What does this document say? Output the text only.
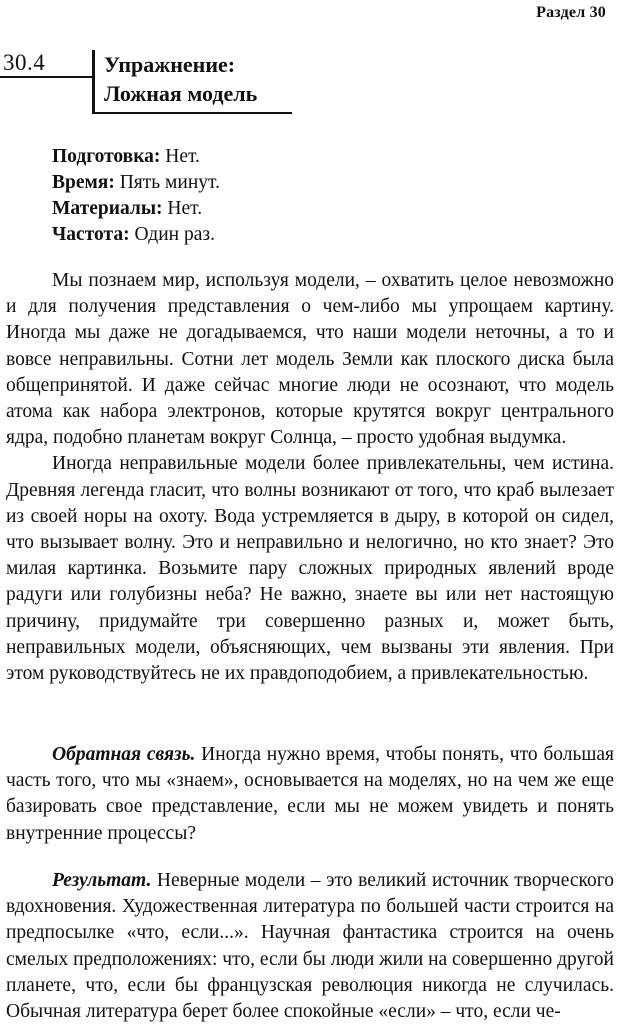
Раздел 30
30.4	Упражнение:
Ложная модель
Подготовка: Нет.
Время: Пять минут.
Материалы: Нет.
Частота: Один раз.

Мы познаем мир, используя модели, – охватить целое невозможно и для получения представления о чем-либо мы упрощаем картину. Иногда мы даже не догадываемся, что наши модели неточны, а то и вовсе неправильны. Сотни лет модель Земли как плоского диска была общепринятой. И даже сейчас многие люди не осознают, что модель атома как набора электронов, которые крутятся вокруг центрального ядра, подобно планетам вокруг Солнца, – просто удобная выдумка.

Иногда неправильные модели более привлекательны, чем истина. Древняя легенда гласит, что волны возникают от того, что краб вылезает из своей норы на охоту. Вода устремляется в дыру, в которой он сидел, что вызывает волну. Это и неправильно и нелогично, но кто знает? Это милая картинка. Возьмите пару сложных природных явлений вроде радуги или голубизны неба? Не важно, знаете вы или нет настоящую причину, придумайте три совершенно разных и, может быть, неправильных модели, объясняющих, чем вызваны эти явления. При этом руководствуйтесь не их правдоподобием, а привлекательностью.

Обратная связь. Иногда нужно время, чтобы понять, что большая часть того, что мы «знаем», основывается на моделях, но на чем же еще базировать свое представление, если мы не можем увидеть и понять внутренние процессы?

Результат. Неверные модели – это великий источник творческого вдохновения. Художественная литература по большей части строится на предпосылке «что, если...». Научная фантастика строится на очень смелых предположениях: что, если бы люди жили на совершенно другой планете, что, если бы французская революция никогда не случилась. Обычная литература берет более спокойные «если» – что, если че-
